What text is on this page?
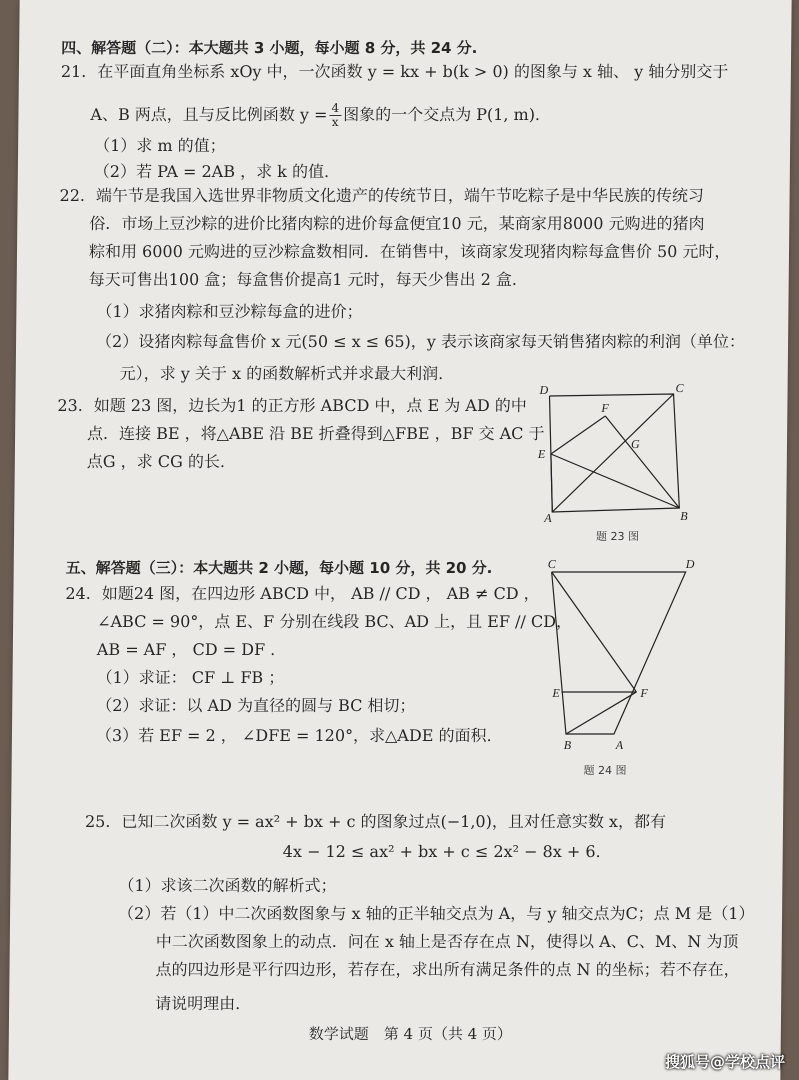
四、解答题（二）：本大题共 3 小题，每小题 8 分，共 24 分.
21．在平面直角坐标系 xOy 中，一次函数 y = kx + b(k > 0) 的图象与 x 轴、 y 轴分别交于
A、B 两点，且与反比例函数 $y = \frac{4}{x}$ 图象的一个交点为 P(1, m).
（1）求 m 的值；
（2）若 PA = 2AB ，求 k 的值.
22．端午节是我国入选世界非物质文化遗产的传统节日，端午节吃粽子是中华民族的传统习
俗．市场上豆沙粽的进价比猪肉粽的进价每盒便宜10 元，某商家用8000 元购进的猪肉
粽和用 6000 元购进的豆沙粽盒数相同．在销售中，该商家发现猪肉粽每盒售价 50 元时，
每天可售出100 盒；每盒售价提高1 元时，每天少售出 2 盒．
（1）求猪肉粽和豆沙粽每盒的进价；
（2）设猪肉粽每盒售价 x 元(50 ≤ x ≤ 65)，y 表示该商家每天销售猪肉粽的利润（单位：
元），求 y 关于 x 的函数解析式并求最大利润.
23．如题 23 图，边长为1 的正方形 ABCD 中，点 E 为 AD 的中
点．连接 BE ，将△ABE 沿 BE 折叠得到△FBE ，BF 交 AC 于
点G ，求 CG 的长.
D	C
F
G
E
A	B
题 23 图
五、解答题（三）：本大题共 2 小题，每小题 10 分，共 20 分.
24．如题24 图，在四边形 ABCD 中， AB // CD ， AB ≠ CD ，
∠ABC = 90°，点 E、F 分别在线段 BC、AD 上，且 EF // CD，
AB = AF ， CD = DF .
（1）求证： CF ⊥ FB ；
（2）求证：以 AD 为直径的圆与 BC 相切；
（3）若 EF = 2 ， ∠DFE = 120°，求△ADE 的面积.
C	D
E	F
B	A
题 24 图
25．已知二次函数 y = ax² + bx + c 的图象过点(−1,0)，且对任意实数 x，都有
4x − 12 ≤ ax² + bx + c ≤ 2x² − 8x + 6.
（1）求该二次函数的解析式；
（2）若（1）中二次函数图象与 x 轴的正半轴交点为 A，与 y 轴交点为C；点 M 是（1）
中二次函数图象上的动点．问在 x 轴上是否存在点 N，使得以 A、C、M、N 为顶
点的四边形是平行四边形，若存在，求出所有满足条件的点 N 的坐标；若不存在，
请说明理由.
数学试题　第 4 页（共 4 页）
搜狐号@学校点评
